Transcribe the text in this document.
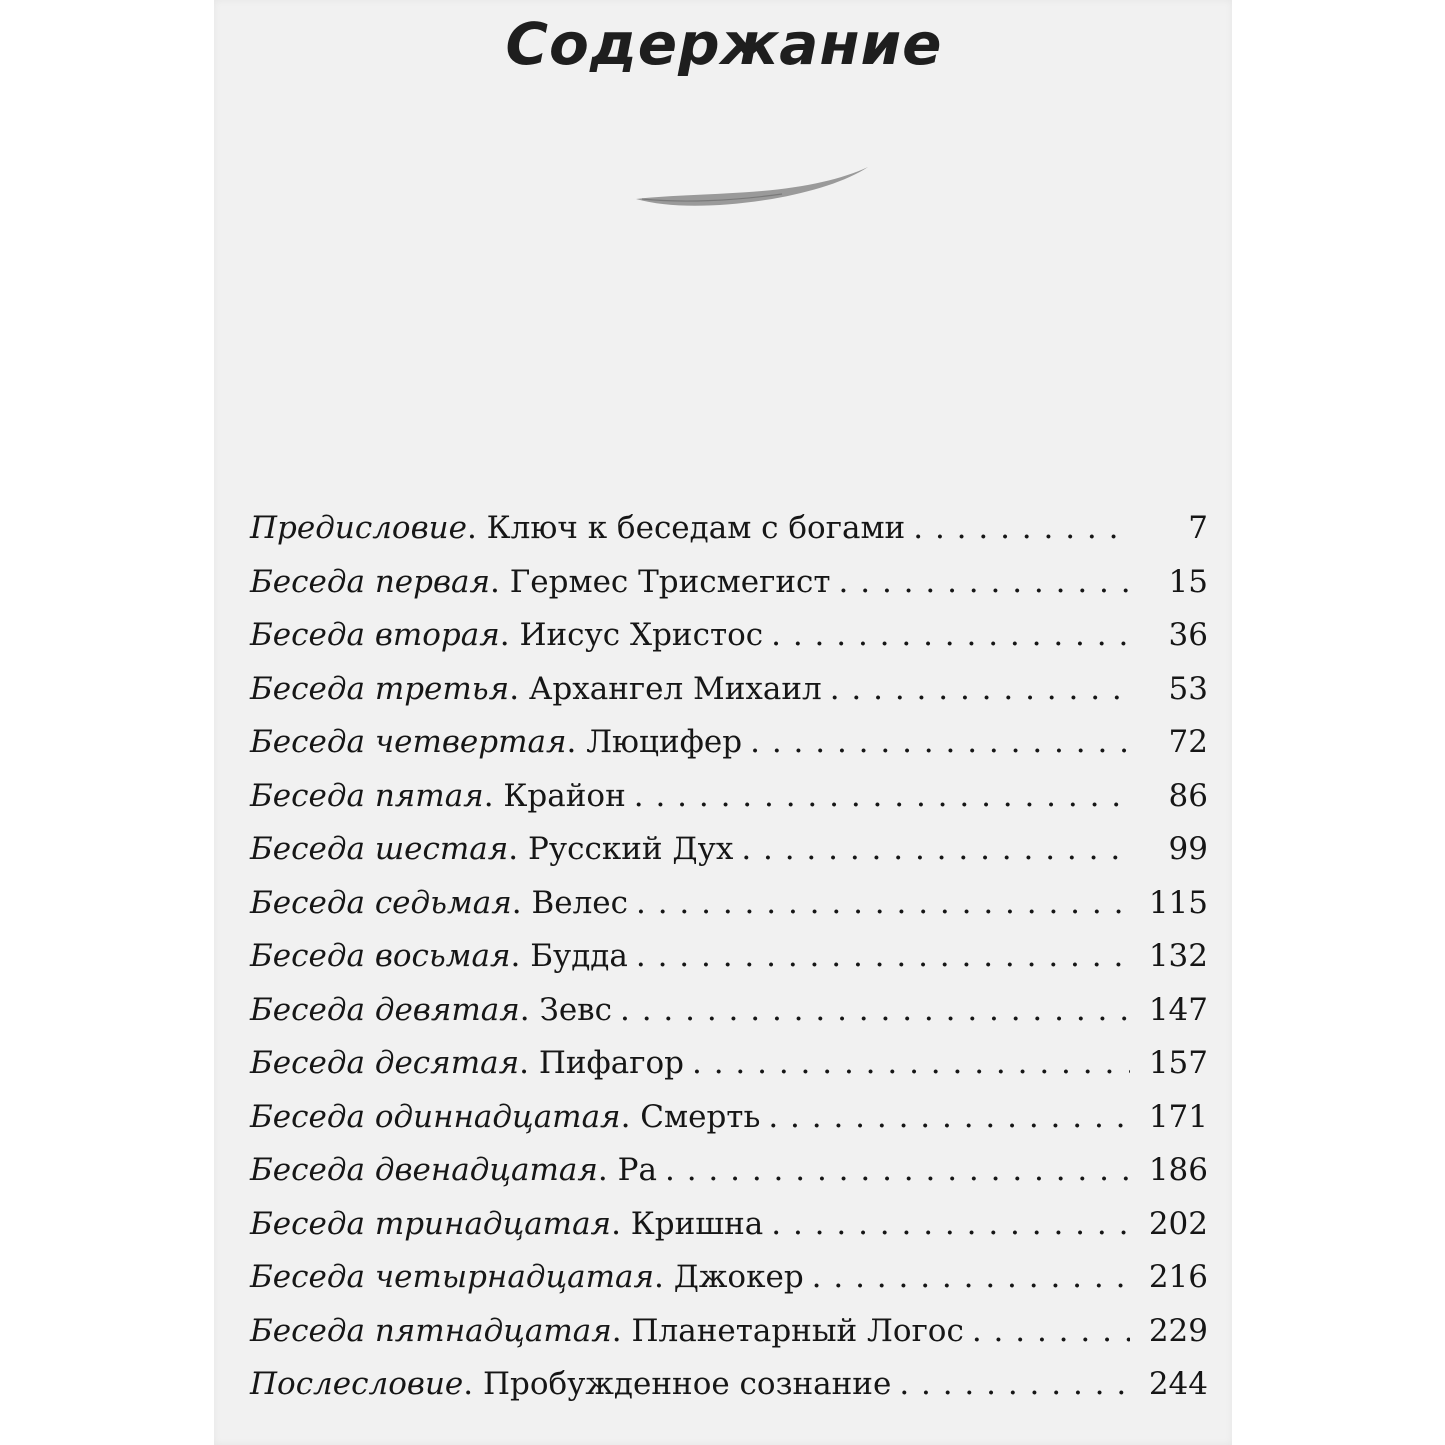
Содержание
Предисловие. Ключ к беседам с богами . . .	7
Беседа первая. Гермес Трисмегист . . .	15
Беседа вторая. Иисус Христос . . .	36
Беседа третья. Архангел Михаил . . .	53
Беседа четвертая. Люцифер . . .	72
Беседа пятая. Крайон . . .	86
Беседа шестая. Русский Дух . . .	99
Беседа седьмая. Велес . . .	115
Беседа восьмая. Будда . . .	132
Беседа девятая. Зевс . . .	147
Беседа десятая. Пифагор . . .	157
Беседа одиннадцатая. Смерть . . .	171
Беседа двенадцатая. Ра . . .	186
Беседа тринадцатая. Кришна . . .	202
Беседа четырнадцатая. Джокер . . .	216
Беседа пятнадцатая. Планетарный Логос . . .	229
Послесловие. Пробужденное сознание . . .	244
